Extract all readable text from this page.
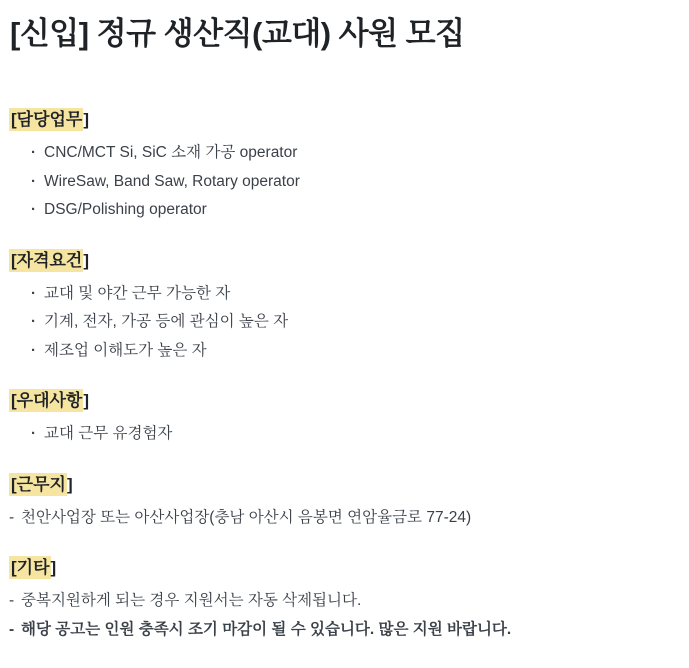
[신입] 정규 생산직(교대) 사원 모집
[담당업무]
· CNC/MCT Si, SiC 소재 가공 operator
· WireSaw, Band Saw, Rotary operator
· DSG/Polishing operator
[자격요건]
· 교대 및 야간 근무 가능한 자
· 기계, 전자, 가공 등에 관심이 높은 자
· 제조업 이해도가 높은 자
[우대사항]
· 교대 근무 유경험자
[근무지]
- 천안사업장 또는 아산사업장(충남 아산시 음봉면 연암율금로 77-24)
[기타]
- 중복지원하게 되는 경우 지원서는 자동 삭제됩니다.
- 해당 공고는 인원 충족시 조기 마감이 될 수 있습니다. 많은 지원 바랍니다.
